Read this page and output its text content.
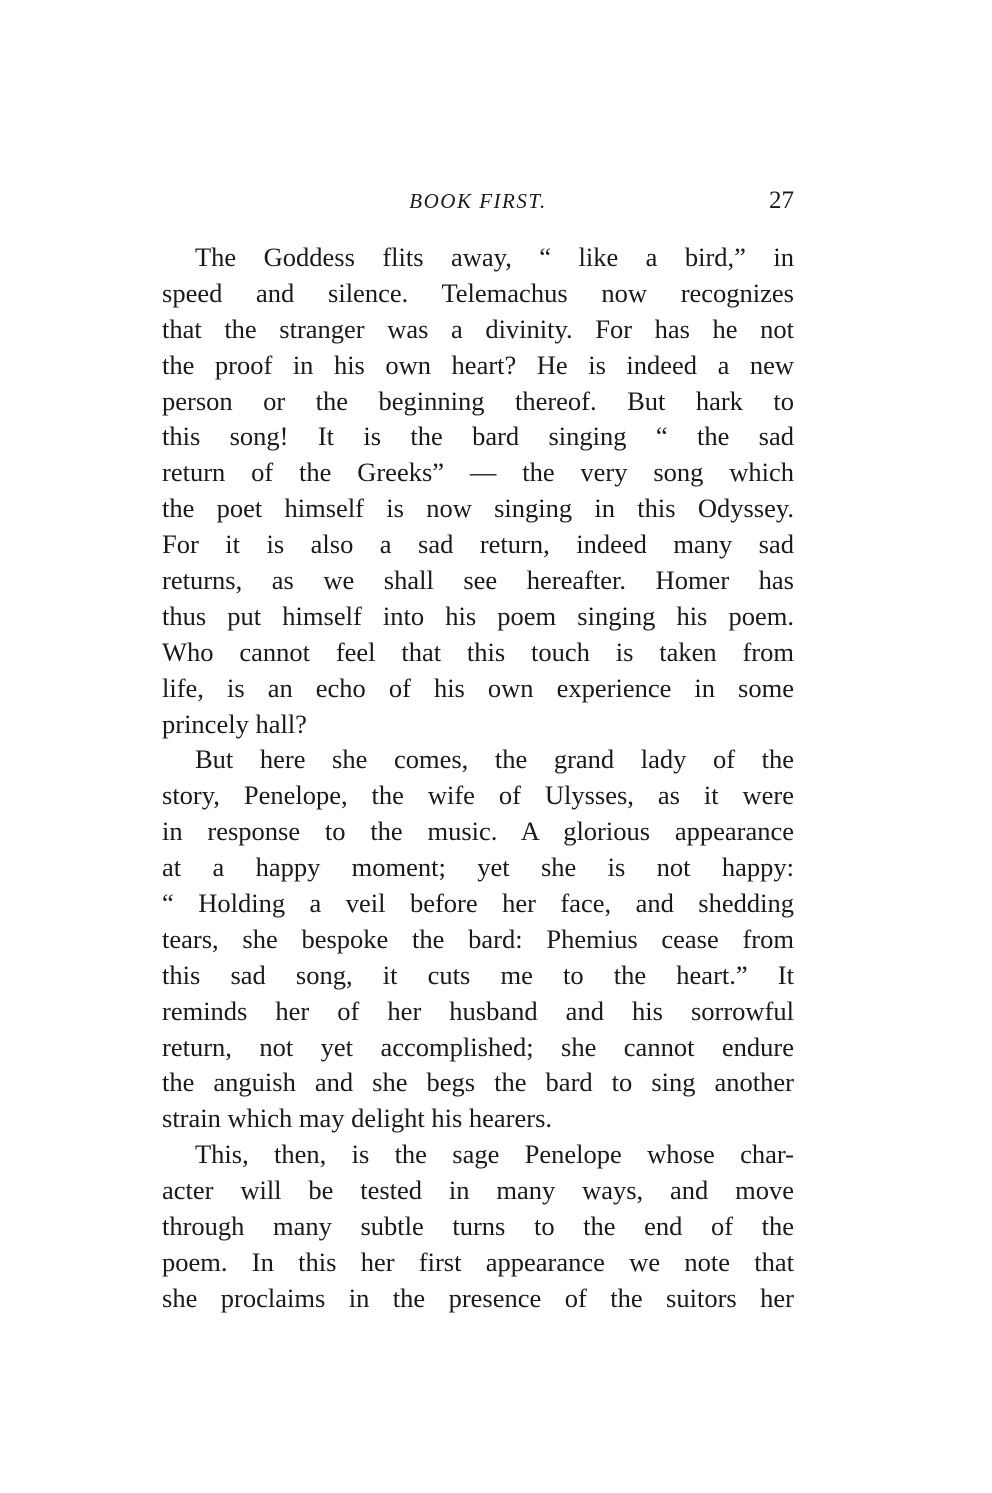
BOOK FIRST.	27
The Goddess flits away, “ like a bird,” in
speed and silence. Telemachus now recognizes
that the stranger was a divinity. For has he not
the proof in his own heart? He is indeed a new
person or the beginning thereof. But hark to
this song! It is the bard singing “ the sad
return of the Greeks” — the very song which
the poet himself is now singing in this Odyssey.
For it is also a sad return, indeed many sad
returns, as we shall see hereafter. Homer has
thus put himself into his poem singing his poem.
Who cannot feel that this touch is taken from
life, is an echo of his own experience in some
princely hall?
But here she comes, the grand lady of the
story, Penelope, the wife of Ulysses, as it were
in response to the music. A glorious appearance
at a happy moment; yet she is not happy:
“ Holding a veil before her face, and shedding
tears, she bespoke the bard: Phemius cease from
this sad song, it cuts me to the heart.” It
reminds her of her husband and his sorrowful
return, not yet accomplished; she cannot endure
the anguish and she begs the bard to sing another
strain which may delight his hearers.
This, then, is the sage Penelope whose char-
acter will be tested in many ways, and move
through many subtle turns to the end of the
poem. In this her first appearance we note that
she proclaims in the presence of the suitors her
